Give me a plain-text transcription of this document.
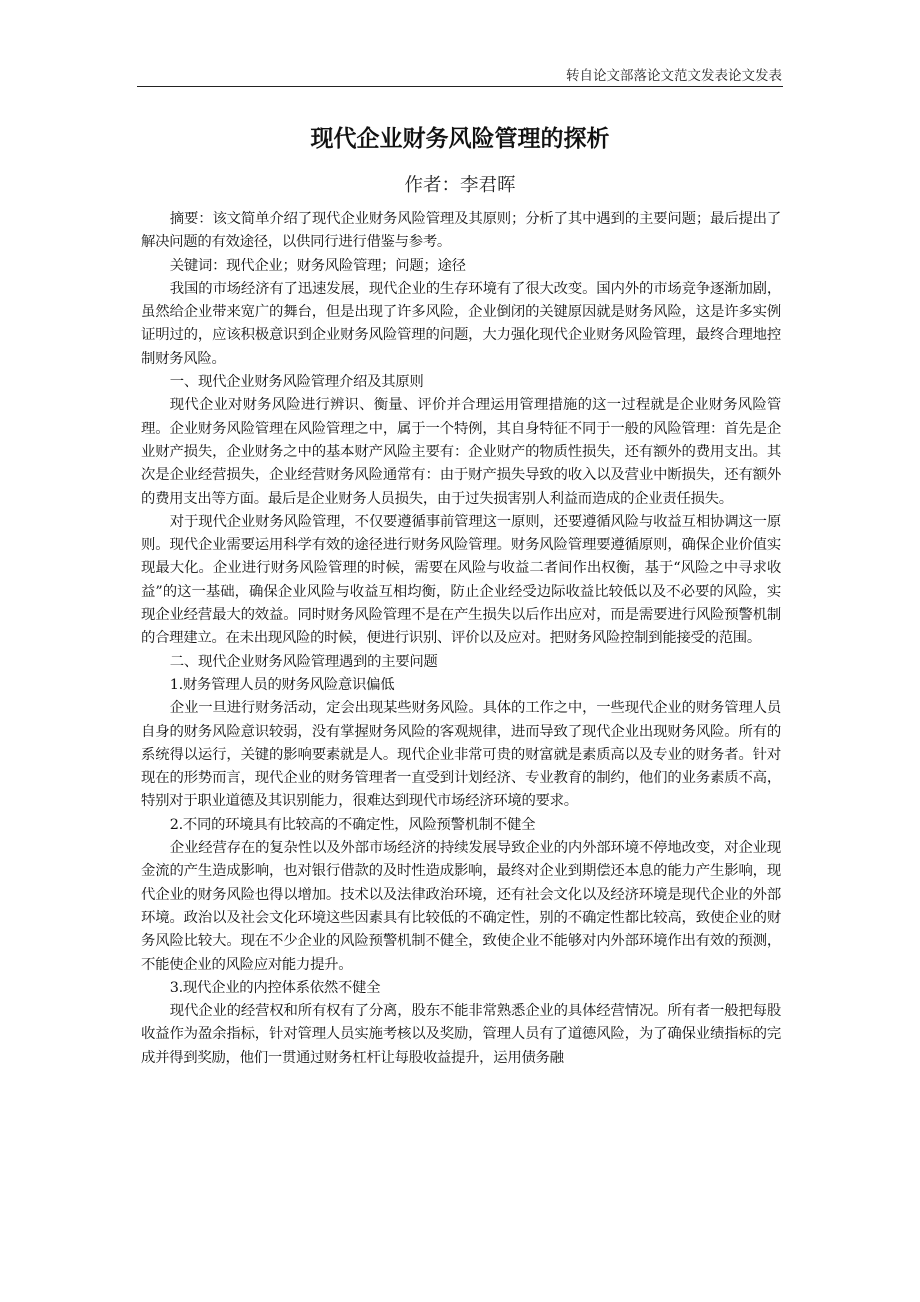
转自论文部落论文范文发表论文发表
现代企业财务风险管理的探析
作者：李君晖

摘要：该文简单介绍了现代企业财务风险管理及其原则；分析了其中遇到的主要问题；最后提出了解决问题的有效途径，以供同行进行借鉴与参考。

关键词：现代企业；财务风险管理；问题；途径

我国的市场经济有了迅速发展，现代企业的生存环境有了很大改变。国内外的市场竞争逐渐加剧，虽然给企业带来宽广的舞台，但是出现了许多风险，企业倒闭的关键原因就是财务风险，这是许多实例证明过的，应该积极意识到企业财务风险管理的问题，大力强化现代企业财务风险管理，最终合理地控制财务风险。

一、现代企业财务风险管理介绍及其原则

现代企业对财务风险进行辨识、衡量、评价并合理运用管理措施的这一过程就是企业财务风险管理。企业财务风险管理在风险管理之中，属于一个特例，其自身特征不同于一般的风险管理：首先是企业财产损失，企业财务之中的基本财产风险主要有：企业财产的物质性损失，还有额外的费用支出。其次是企业经营损失，企业经营财务风险通常有：由于财产损失导致的收入以及营业中断损失，还有额外的费用支出等方面。最后是企业财务人员损失，由于过失损害别人利益而造成的企业责任损失。

对于现代企业财务风险管理，不仅要遵循事前管理这一原则，还要遵循风险与收益互相协调这一原则。现代企业需要运用科学有效的途径进行财务风险管理。财务风险管理要遵循原则，确保企业价值实现最大化。企业进行财务风险管理的时候，需要在风险与收益二者间作出权衡，基于“风险之中寻求收益”的这一基础，确保企业风险与收益互相均衡，防止企业经受边际收益比较低以及不必要的风险，实现企业经营最大的效益。同时财务风险管理不是在产生损失以后作出应对，而是需要进行风险预警机制的合理建立。在未出现风险的时候，便进行识别、评价以及应对。把财务风险控制到能接受的范围。

二、现代企业财务风险管理遇到的主要问题

1.财务管理人员的财务风险意识偏低

企业一旦进行财务活动，定会出现某些财务风险。具体的工作之中，一些现代企业的财务管理人员自身的财务风险意识较弱，没有掌握财务风险的客观规律，进而导致了现代企业出现财务风险。所有的系统得以运行，关键的影响要素就是人。现代企业非常可贵的财富就是素质高以及专业的财务者。针对现在的形势而言，现代企业的财务管理者一直受到计划经济、专业教育的制约，他们的业务素质不高，特别对于职业道德及其识别能力，很难达到现代市场经济环境的要求。

2.不同的环境具有比较高的不确定性，风险预警机制不健全

企业经营存在的复杂性以及外部市场经济的持续发展导致企业的内外部环境不停地改变，对企业现金流的产生造成影响，也对银行借款的及时性造成影响，最终对企业到期偿还本息的能力产生影响，现代企业的财务风险也得以增加。技术以及法律政治环境，还有社会文化以及经济环境是现代企业的外部环境。政治以及社会文化环境这些因素具有比较低的不确定性，别的不确定性都比较高，致使企业的财务风险比较大。现在不少企业的风险预警机制不健全，致使企业不能够对内外部环境作出有效的预测，不能使企业的风险应对能力提升。

3.现代企业的内控体系依然不健全

现代企业的经营权和所有权有了分离，股东不能非常熟悉企业的具体经营情况。所有者一般把每股收益作为盈余指标，针对管理人员实施考核以及奖励，管理人员有了道德风险，为了确保业绩指标的完成并得到奖励，他们一贯通过财务杠杆让每股收益提升，运用债务融
